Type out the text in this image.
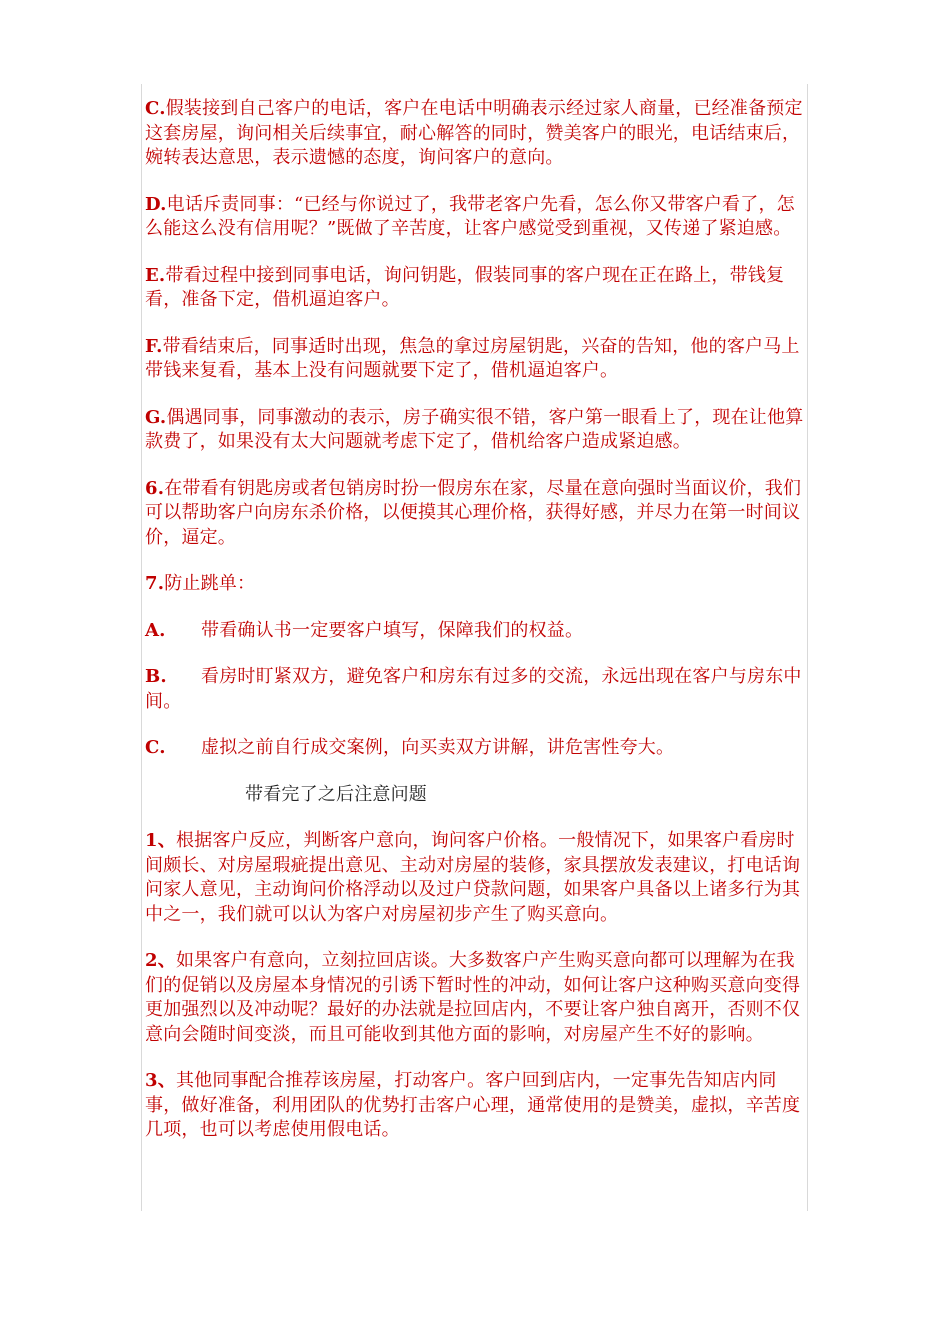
C.假装接到自己客户的电话，客户在电话中明确表示经过家人商量，已经准备预定这套房屋，询问相关后续事宜，耐心解答的同时，赞美客户的眼光，电话结束后，婉转表达意思，表示遗憾的态度，询问客户的意向。

D.电话斥责同事：“已经与你说过了，我带老客户先看，怎么你又带客户看了，怎么能这么没有信用呢？”既做了辛苦度，让客户感觉受到重视，又传递了紧迫感。

E.带看过程中接到同事电话，询问钥匙，假装同事的客户现在正在路上，带钱复看，准备下定，借机逼迫客户。

F.带看结束后，同事适时出现，焦急的拿过房屋钥匙，兴奋的告知，他的客户马上带钱来复看，基本上没有问题就要下定了，借机逼迫客户。

G.偶遇同事，同事激动的表示，房子确实很不错，客户第一眼看上了，现在让他算款费了，如果没有太大问题就考虑下定了，借机给客户造成紧迫感。

6.在带看有钥匙房或者包销房时扮一假房东在家，尽量在意向强时当面议价，我们可以帮助客户向房东杀价格，以便摸其心理价格，获得好感，并尽力在第一时间议价，逼定。

7.防止跳单：

A. 带看确认书一定要客户填写，保障我们的权益。

B. 看房时盯紧双方，避免客户和房东有过多的交流，永远出现在客户与房东中间。

C. 虚拟之前自行成交案例，向买卖双方讲解，讲危害性夸大。

带看完了之后注意问题

1、根据客户反应，判断客户意向，询问客户价格。一般情况下，如果客户看房时间颇长、对房屋瑕疵提出意见、主动对房屋的装修，家具摆放发表建议，打电话询问家人意见，主动询问价格浮动以及过户贷款问题，如果客户具备以上诸多行为其中之一，我们就可以认为客户对房屋初步产生了购买意向。

2、如果客户有意向，立刻拉回店谈。大多数客户产生购买意向都可以理解为在我们的促销以及房屋本身情况的引诱下暂时性的冲动，如何让客户这种购买意向变得更加强烈以及冲动呢？最好的办法就是拉回店内，不要让客户独自离开，否则不仅意向会随时间变淡，而且可能收到其他方面的影响，对房屋产生不好的影响。

3、其他同事配合推荐该房屋，打动客户。客户回到店内，一定事先告知店内同事，做好准备，利用团队的优势打击客户心理，通常使用的是赞美，虚拟，辛苦度几项，也可以考虑使用假电话。
